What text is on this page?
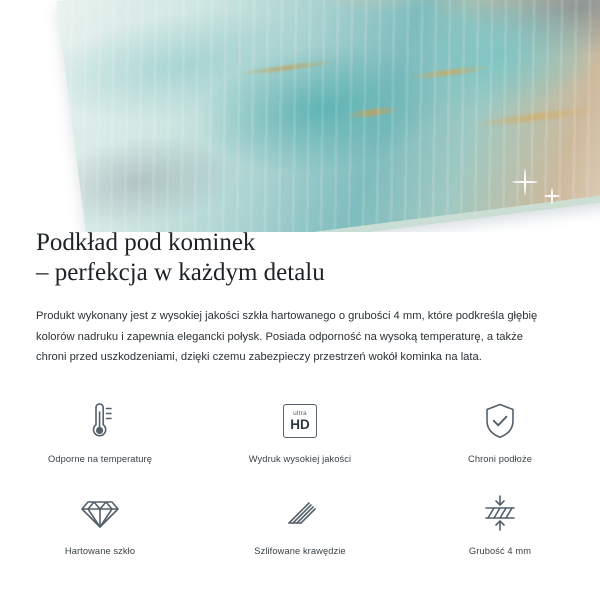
Podkład pod kominek
– perfekcja w każdym detalu

Produkt wykonany jest z wysokiej jakości szkła hartowanego o grubości 4 mm, które podkreśla głębię kolorów nadruku i zapewnia elegancki połysk. Posiada odporność na wysoką temperaturę, a także chroni przed uszkodzeniami, dzięki czemu zabezpieczy przestrzeń wokół kominka na lata.

Odporne na temperaturę
ultra
HD
Wydruk wysokiej jakości	Chroni podłoże
Hartowane szkło	Szlifowane krawędzie	Grubość 4 mm
